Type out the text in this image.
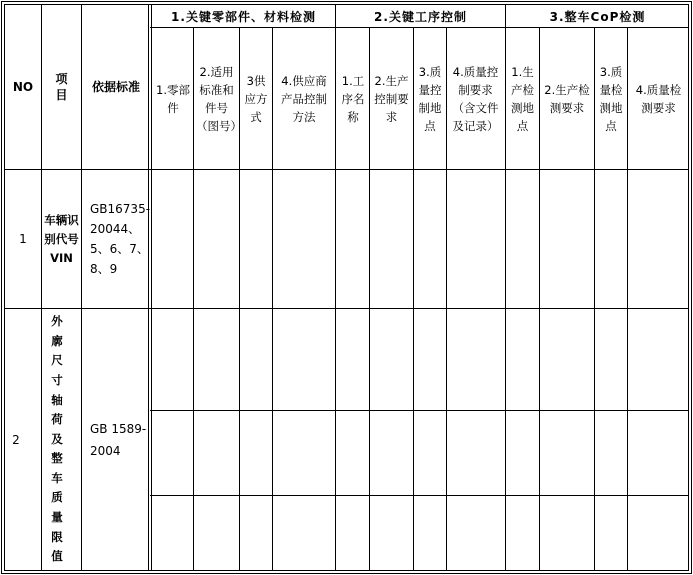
NO
项
目
依据标准
1.关键零部件、材料检测	2.关键工序控制	3.整车CoP检测
1.零部件
2.适用标准和件号（图号）
3供应方式
4.供应商产品控制方法
1.工序名称
2.生产控制要求
3.质量控制地点
4.质量控制要求（含文件及记录）
1.生产检测地点
2.生产检测要求
3.质量检测地点
4.质量检测要求
1
车辆识别代号VIN
GB16735-20044、5、6、7、8、9
2
外廓尺寸轴荷及整车质量限值
GB 1589-2004
